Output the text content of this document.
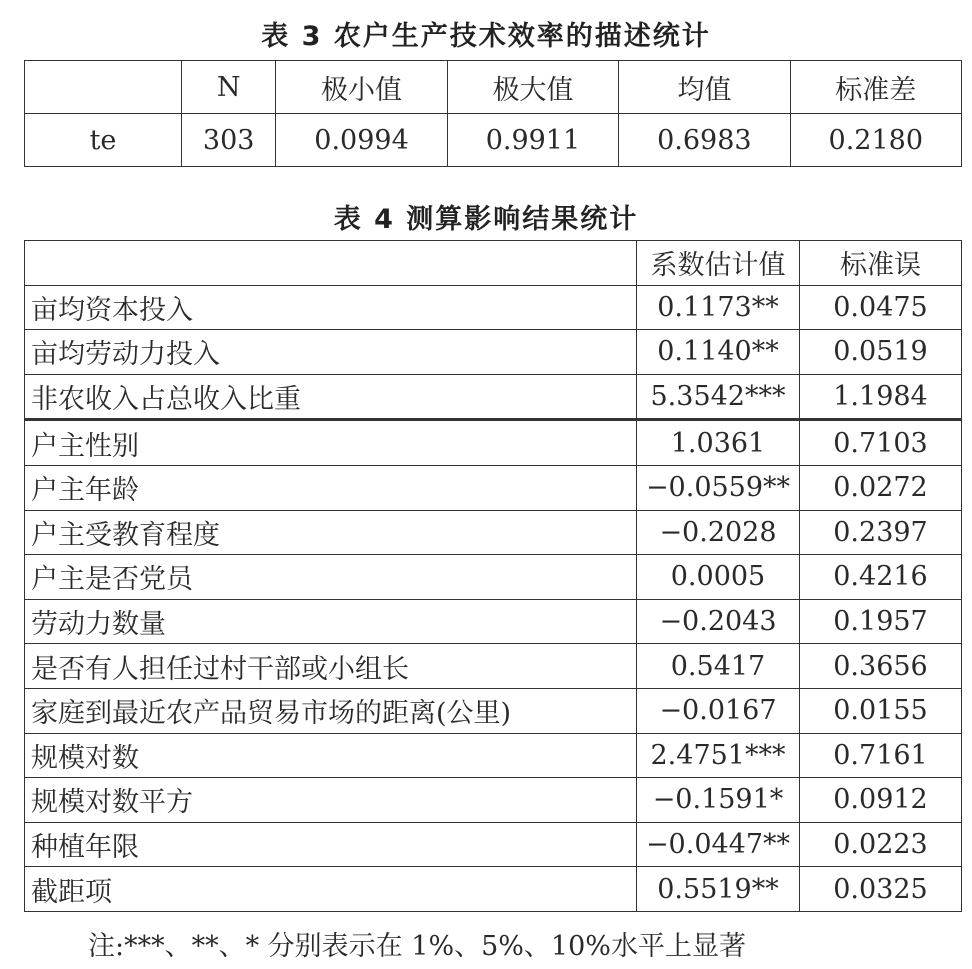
表 3 农户生产技术效率的描述统计
	N	极小值	极大值	均值	标准差
te	303	0.0994	0.9911	0.6983	0.2180
表 4 测算影响结果统计
	系数估计值	标准误
亩均资本投入	0.1173**	0.0475
亩均劳动力投入	0.1140**	0.0519
非农收入占总收入比重	5.3542***	1.1984
户主性别	1.0361	0.7103
户主年龄	−0.0559**	0.0272
户主受教育程度	−0.2028	0.2397
户主是否党员	0.0005	0.4216
劳动力数量	−0.2043	0.1957
是否有人担任过村干部或小组长	0.5417	0.3656
家庭到最近农产品贸易市场的距离(公里)	−0.0167	0.0155
规模对数	2.4751***	0.7161
规模对数平方	−0.1591*	0.0912
种植年限	−0.0447**	0.0223
截距项	0.5519**	0.0325
注:***、**、* 分别表示在 1%、5%、10%水平上显著
